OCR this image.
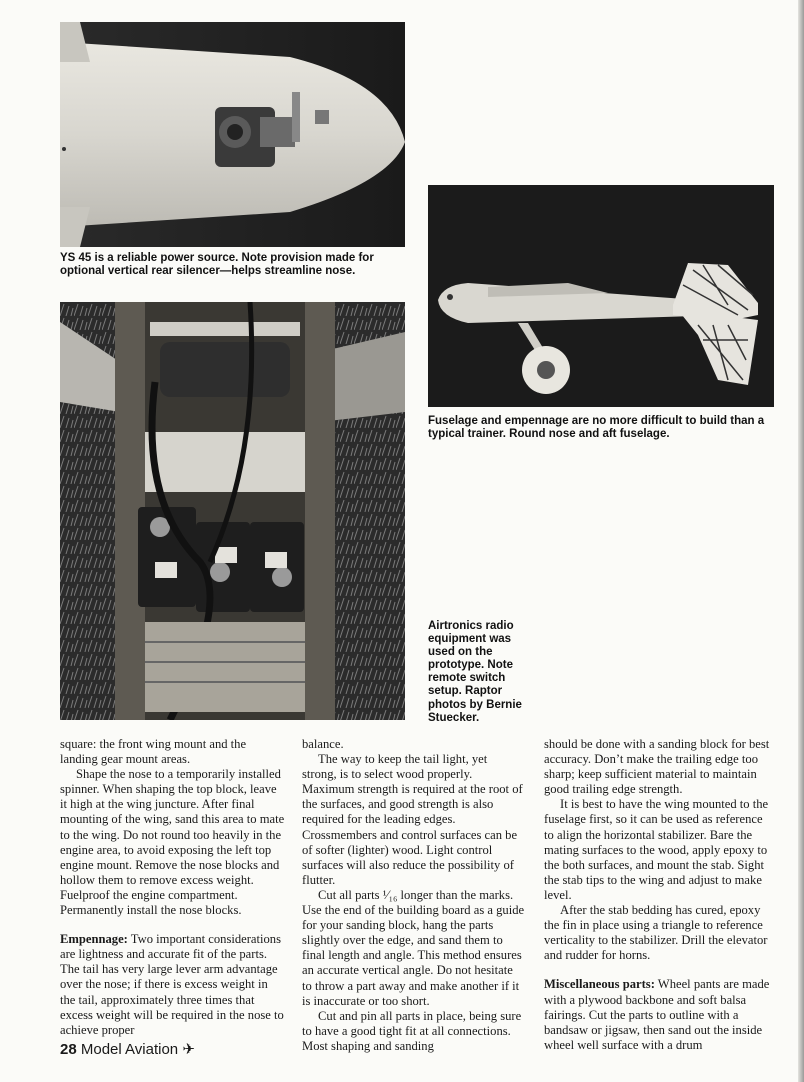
YS 45 is a reliable power source. Note provision made for optional vertical rear silencer—helps streamline nose.
Fuselage and empennage are no more difficult to build than a typical trainer. Round nose and aft fuselage.
Airtronics radio equipment was used on the prototype. Note remote switch setup. Raptor photos by Bernie Stuecker.

square: the front wing mount and the landing gear mount areas.

Shape the nose to a temporarily installed spinner. When shaping the top block, leave it high at the wing juncture. After final mounting of the wing, sand this area to mate to the wing. Do not round too heavily in the engine area, to avoid exposing the left top engine mount. Remove the nose blocks and hollow them to remove excess weight. Fuelproof the engine compartment. Permanently install the nose blocks.

Empennage: Two important considerations are lightness and accurate fit of the parts. The tail has very large lever arm advantage over the nose; if there is excess weight in the tail, approximately three times that excess weight will be required in the nose to achieve proper

balance.

The way to keep the tail light, yet strong, is to select wood properly. Maximum strength is required at the root of the surfaces, and good strength is also required for the leading edges. Crossmembers and control surfaces can be of softer (lighter) wood. Light control surfaces will also reduce the possibility of flutter.

Cut all parts ¹⁄₁₆ longer than the marks. Use the end of the building board as a guide for your sanding block, hang the parts slightly over the edge, and sand them to final length and angle. This method ensures an accurate vertical angle. Do not hesitate to throw a part away and make another if it is inaccurate or too short.

Cut and pin all parts in place, being sure to have a good tight fit at all connections. Most shaping and sanding

should be done with a sanding block for best accuracy. Don’t make the trailing edge too sharp; keep sufficient material to maintain good trailing edge strength.

It is best to have the wing mounted to the fuselage first, so it can be used as reference to align the horizontal stabilizer. Bare the mating surfaces to the wood, apply epoxy to the both surfaces, and mount the stab. Sight the stab tips to the wing and adjust to make level.

After the stab bedding has cured, epoxy the fin in place using a triangle to reference verticality to the stabilizer. Drill the elevator and rudder for horns.

Miscellaneous parts: Wheel pants are made with a plywood backbone and soft balsa fairings. Cut the parts to outline with a bandsaw or jigsaw, then sand out the inside wheel well surface with a drum

28 Model Aviation ✈
